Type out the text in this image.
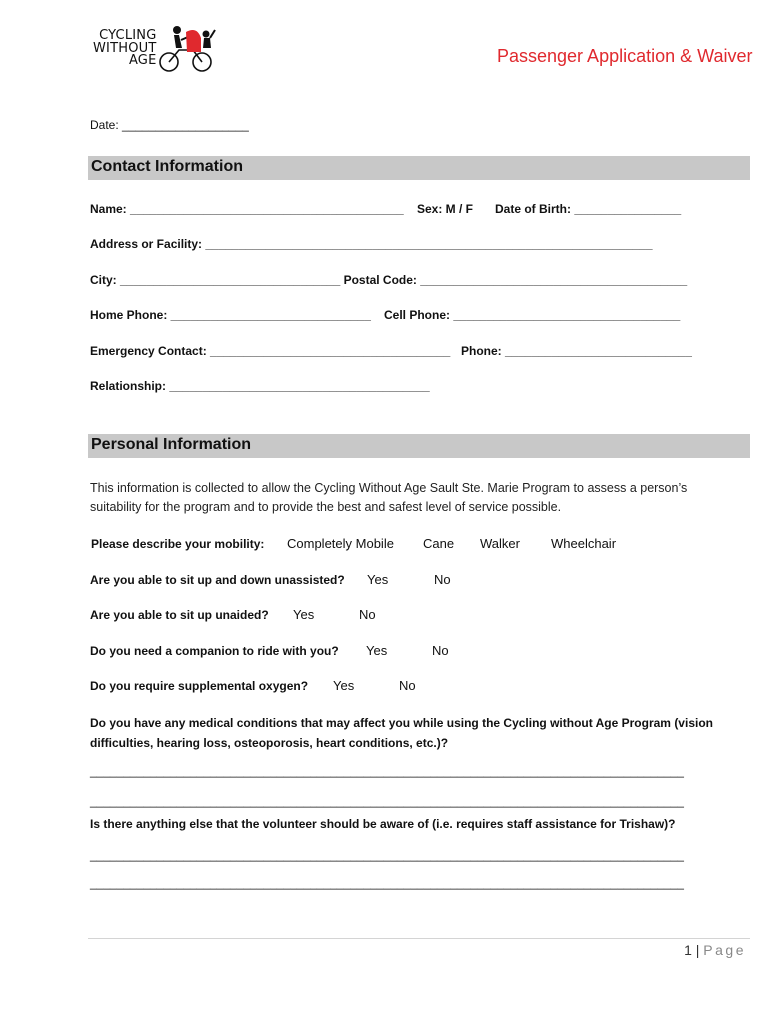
CYCLING
WITHOUT
AGE	Passenger Application & Waiver
Date: ___________________
Contact Information
Name: _________________________________________ Sex: M / F Date of Birth: ________________
Address or Facility: ___________________________________________________________________
City: _________________________________ Postal Code: ________________________________________
Home Phone: ______________________________ Cell Phone: __________________________________
Emergency Contact: ____________________________________ Phone: ____________________________
Relationship: _______________________________________
Personal Information
This information is collected to allow the Cycling Without Age Sault Ste. Marie Program to assess a person’s suitability for the program and to provide the best and safest level of service possible.
Please describe your mobility: Completely Mobile Cane Walker Wheelchair
Are you able to sit up and down unassisted? Yes	No
Are you able to sit up unaided? Yes	No
Do you need a companion to ride with you? Yes	No
Do you require supplemental oxygen? Yes	No
Do you have any medical conditions that may affect you while using the Cycling without Age Program (vision difficulties, hearing loss, osteoporosis, heart conditions, etc.)?
_________________________________________________________________________________________
_________________________________________________________________________________________
Is there anything else that the volunteer should be aware of (i.e. requires staff assistance for Trishaw)?
_________________________________________________________________________________________
_________________________________________________________________________________________
1 | Page
